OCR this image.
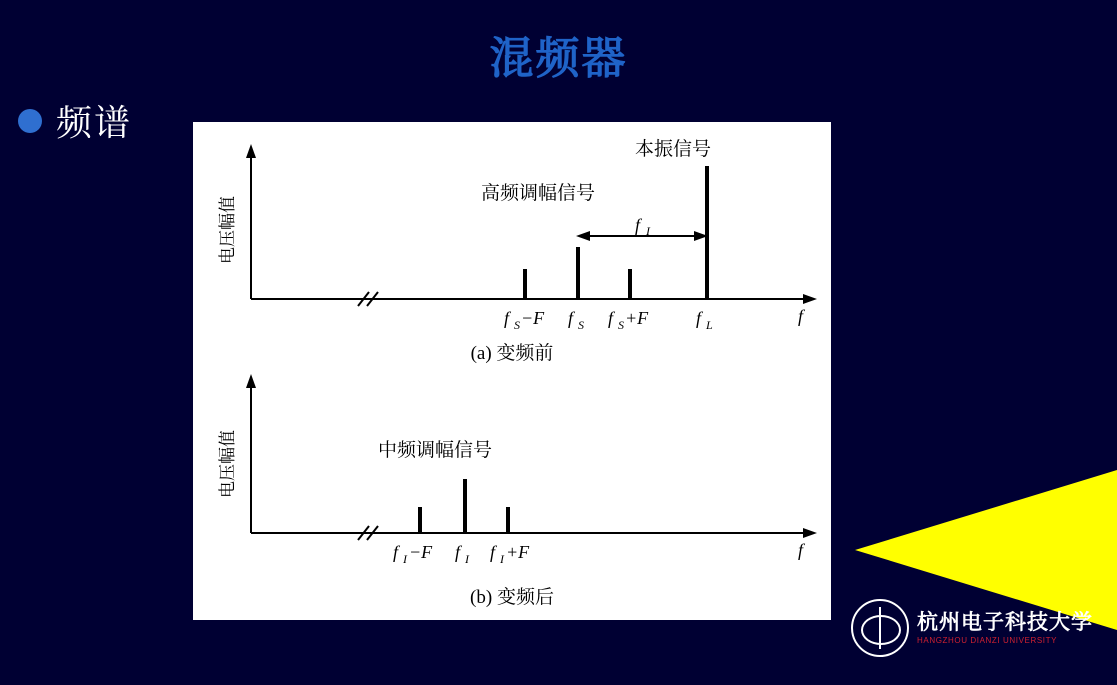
混频器
频谱
杭州电子科技大学
HANGZHOU DIANZI UNIVERSITY
f I
电压幅值
本振信号
高频调幅信号
f S −F f S f S +F	f L	f
(a) 变频前
电压幅值	中频调幅信号
f I −F f I f I +F	f
(b) 变频后
